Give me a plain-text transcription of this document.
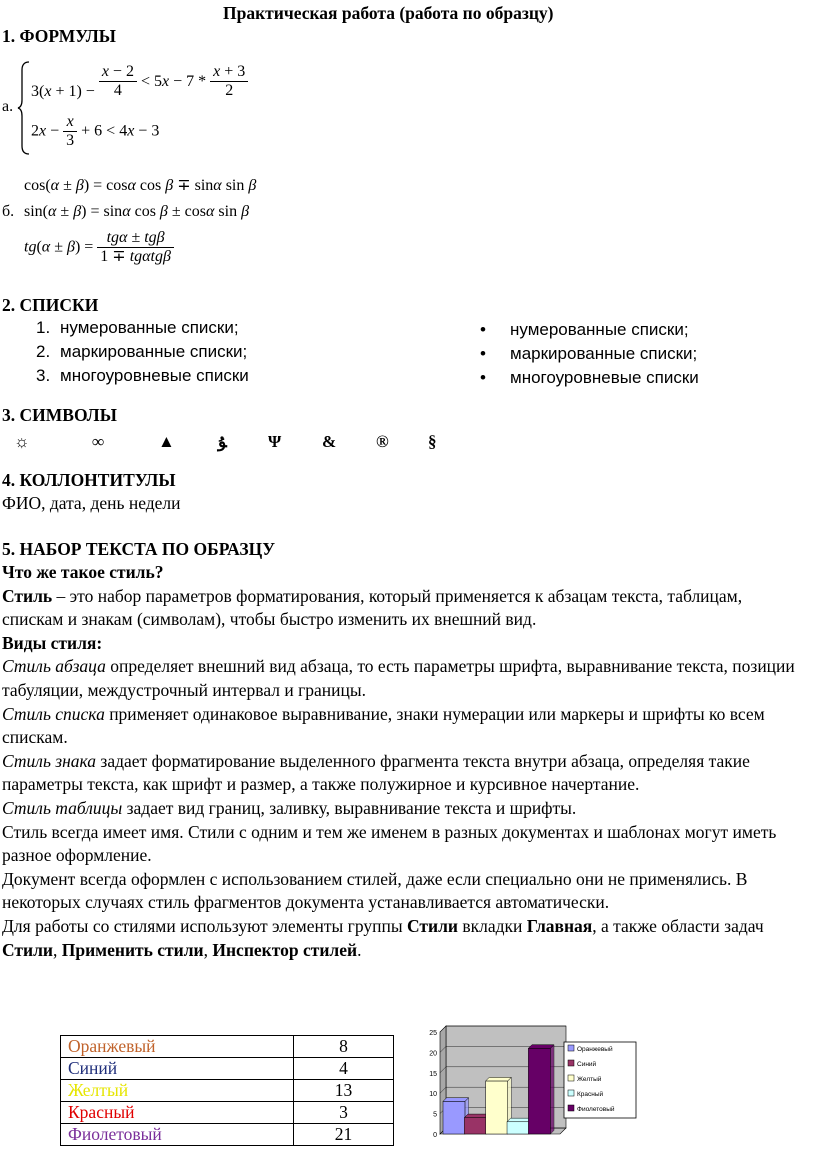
Практическая работа (работа по образцу)
1. ФОРМУЛЫ
а.
$3(x + 1) - \frac{x - 2}{4} < 5x - 7 * \frac{x + 3}{2}$
$2x - \frac{x}{3} + 6 < 4x - 3$
cos(α ± β) = cosα cos β ∓ sinα sin β
б. sin(α ± β) = sinα cos β ± cosα sin β
$tg(\alpha \pm \beta) = \frac{\text{tgα ± tgβ}}{\text{1 ∓ tgαtgβ}}$
2. СПИСКИ
1. нумерованные списки;
2. маркированные списки;
3. многоуровневые списки
• нумерованные списки;
• маркированные списки;
• многоуровневые списки
3. СИМВОЛЫ
☼	∞	▲	ﯘ Ψ & ® §
4. КОЛЛОНТИТУЛЫ
ФИО, дата, день недели
5. НАБОР ТЕКСТА ПО ОБРАЗЦУ

Что же такое стиль?

Стиль – это набор параметров форматирования, который применяется к абзацам текста, таблицам, спискам и знакам (символам), чтобы быстро изменить их внешний вид.

Виды стиля:

Стиль абзаца определяет внешний вид абзаца, то есть параметры шрифта, выравнивание текста, позиции табуляции, междустрочный интервал и границы.

Стиль списка применяет одинаковое выравнивание, знаки нумерации или маркеры и шрифты ко всем спискам.

Стиль знака задает форматирование выделенного фрагмента текста внутри абзаца, определяя такие параметры текста, как шрифт и размер, а также полужирное и курсивное начертание.

Стиль таблицы задает вид границ, заливку, выравнивание текста и шрифты.

Стиль всегда имеет имя. Стили с одним и тем же именем в разных документах и шаблонах могут иметь разное оформление.

Документ всегда оформлен с использованием стилей, даже если специально они не применялись. В некоторых случаях стиль фрагментов документа устанавливается автоматически.

Для работы со стилями используют элементы группы Стили вкладки Главная, а также области задач Стили, Применить стили, Инспектор стилей.

Оранжевый	8
Синий	4
Желтый	13
Красный	3
Фиолетовый	21	0
5
10
15
20
25
Оранжевый
Синий
Желтый
Красный
Фиолетовый
